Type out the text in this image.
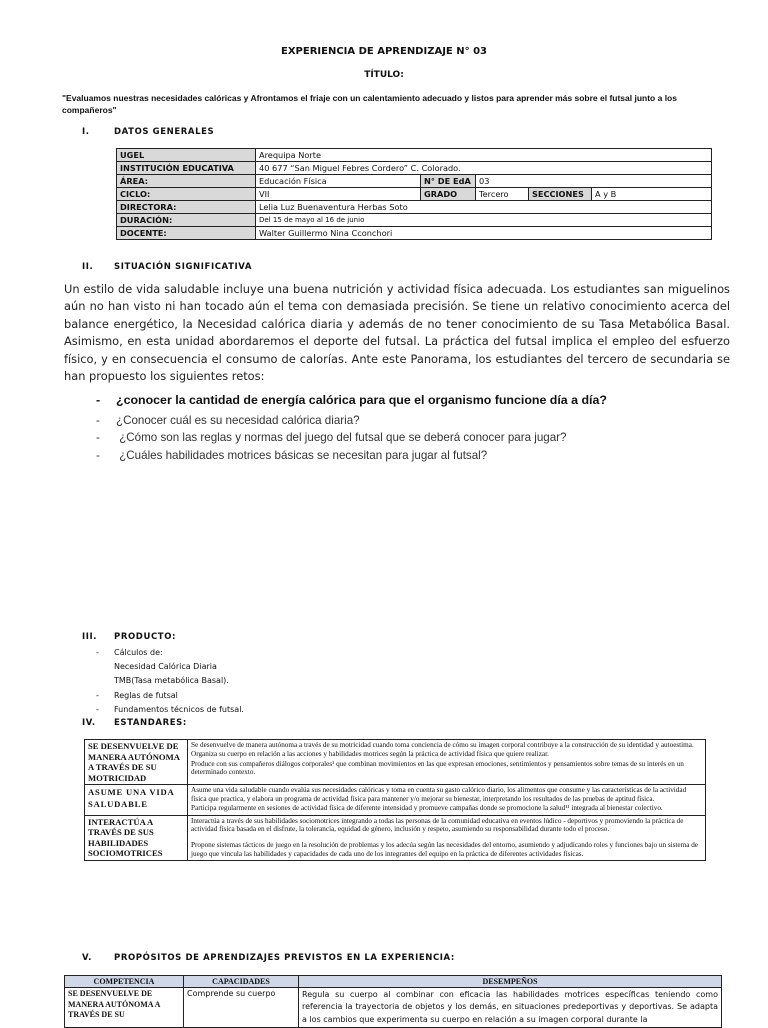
EXPERIENCIA DE APRENDIZAJE N° 03
TÍTULO:
"Evaluamos nuestras necesidades calóricas y Afrontamos el friaje con un calentamiento adecuado y listos para aprender más sobre el futsal junto a los compañeros"
I.	DATOS GENERALES
UGEL	Arequipa Norte				
INSTITUCIÓN EDUCATIVA	40 677 “San Miguel Febres Cordero” C. Colorado.				
ÁREA:	Educación Física	N° DE EdA	03		
CICLO:	VII	GRADO	Tercero	SECCIONES	A y B
DIRECTORA:	Lelia Luz Buenaventura Herbas Soto				
DURACIÓN:	Del 15 de mayo al 16 de junio				
DOCENTE:	Walter Guillermo Nina Cconchori				
II. SITUACIÓN SIGNIFICATIVA
Un estilo de vida saludable incluye una buena nutrición y actividad física adecuada. Los estudiantes san miguelinos aún no han visto ni han tocado aún el tema con demasiada precisión. Se tiene un relativo conocimiento acerca del balance energético, la Necesidad calórica diaria y además de no tener conocimiento de su Tasa Metabólica Basal. Asimismo, en esta unidad abordaremos el deporte del futsal. La práctica del futsal implica el empleo del esfuerzo físico, y en consecuencia el consumo de calorías. Ante este Panorama, los estudiantes del tercero de secundaria se han propuesto los siguientes retos:
- ¿conocer la cantidad de energía calórica para que el organismo funcione día a día?
- ¿Conocer cuál es su necesidad calórica diaria?
- ¿Cómo son las reglas y normas del juego del futsal que se deberá conocer para jugar?
- ¿Cuáles habilidades motrices básicas se necesitan para jugar al futsal?
III. PRODUCTO:
- Cálculos de:
Necesidad Calórica Diaria
TMB(Tasa metabólica Basal).
- Reglas de futsal
- Fundamentos técnicos de futsal.
IV. ESTANDARES:
SE DESENVUELVE DE MANERA AUTÓNOMA A TRAVÉS DE SU MOTRICIDAD	Se desenvuelve de manera autónoma a través de su motricidad cuando toma conciencia de cómo su imagen corporal contribuye a la construcción de su identidad y autoestima.

Organiza su cuerpo en relación a las acciones y habilidades motrices según la práctica de actividad física que quiere realizar.

Produce con sus compañeros diálogos corporales¹ que combinan movimientos en las que expresan emociones, sentimientos y pensamientos sobre temas de su interés en un determinado contexto.

ASUME UNA VIDA SALUDABLE	Asume una vida saludable cuando evalúa sus necesidades calóricas y toma en cuenta su gasto calórico diario, los alimentos que consume y las características de la actividad física que practica, y elabora un programa de actividad física para mantener y/o mejorar su bienestar, interpretando los resultados de las pruebas de aptitud física.

Participa regularmente en sesiones de actividad física de diferente intensidad y promueve campañas donde se promocione la salud¹¹ integrada al bienestar colectivo.

INTERACTÚA A TRAVÉS DE SUS HABILIDADES SOCIOMOTRICES	Interactúa a través de sus habilidades sociomotrices integrando a todas las personas de la comunidad educativa en eventos lúdico - deportivos y promoviendo la práctica de actividad física basada en el disfrute, la tolerancia, equidad de género, inclusión y respeto, asumiendo su responsabilidad durante todo el proceso.

Propone sistemas tácticos de juego en la resolución de problemas y los adecúa según las necesidades del entorno, asumiendo y adjudicando roles y funciones bajo un sistema de juego que vincula las habilidades y capacidades de cada uno de los integrantes del equipo en la práctica de diferentes actividades físicas.

V.	PROPÓSITOS DE APRENDIZAJES PREVISTOS EN LA EXPERIENCIA:
COMPETENCIA	CAPACIDADES	DESEMPEÑOS
SE DESENVUELVE DE MANERA AUTÓNOMA A TRAVÉS DE SU	Comprende su cuerpo	Regula su cuerpo al combinar con eficacia las habilidades motrices específicas teniendo como referencia la trayectoria de objetos y los demás, en situaciones predeportivas y deportivas. Se adapta a los cambios que experimenta su cuerpo en relación a su imagen corporal durante la
